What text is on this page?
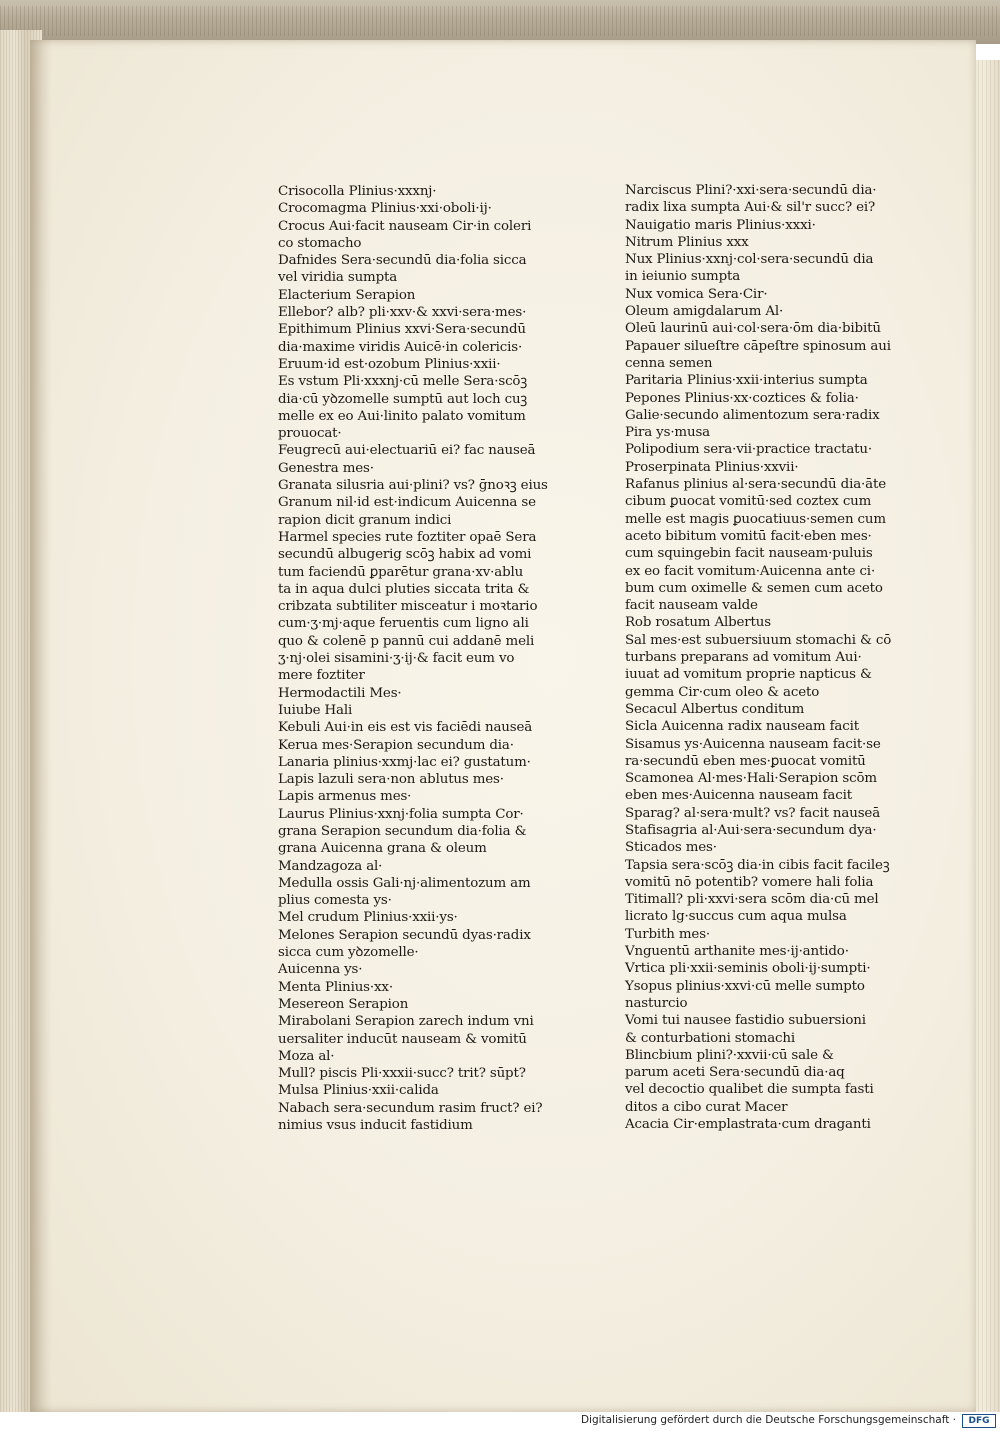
Crisocolla Plinius·xxxnj·
Crocomagma Plinius·xxi·oboli·ij·
Crocus Aui·facit nauseam Cir·in coleri
co stomacho
Dafnides Sera·secundū dia·folia sicca
vel viridia sumpta
Elacterium Serapion
Ellebor? alb? pli·xxv·& xxvi·sera·mes·
Epithimum Plinius xxvi·Sera·secundū
dia·maxime viridis Auicē·in colericis·
Eruum·id est·ozobum Plinius·xxii·
Es vstum Pli·xxxnj·cū melle Sera·scōꝫ
dia·cū yꝺzomelle sumptū aut loch cuꝫ
melle ex eo Aui·linito palato vomitum
prouocat·
Feugrecū aui·electuariū ei? fac nauseā
Genestra mes·
Granata silusria aui·plini? vs? ḡnoꝛꝫ eius
Granum nil·id est·indicum Auicenna se
rapion dicit granum indici
Harmel species rute foztiter opaē Sera
secundū albugerig scōꝫ habix ad vomi
tum faciendū ꝑparētur grana·xv·ablu
ta in aqua dulci pluties siccata trita &
cribzata subtiliter misceatur i moꝛtario
cum·ʒ·mj·aque feruentis cum ligno ali
quo & colenē p pannū cui addanē meli
ʒ·nj·olei sisamini·ʒ·ij·& facit eum vo
mere foztiter
Hermodactili Mes·
Iuiube Hali
Kebuli Aui·in eis est vis faciēdi nauseā
Kerua mes·Serapion secundum dia·
Lanaria plinius·xxmj·lac ei? gustatum·
Lapis lazuli sera·non ablutus mes·
Lapis armenus mes·
Laurus Plinius·xxnj·folia sumpta Cor·
grana Serapion secundum dia·folia &
grana Auicenna grana & oleum
Mandzagoza al·
Medulla ossis Gali·nj·alimentozum am
plius comesta ys·
Mel crudum Plinius·xxii·ys·
Melones Serapion secundū dyas·radix
sicca cum yꝺzomelle·
Auicenna ys·
Menta Plinius·xx·
Mesereon Serapion
Mirabolani Serapion zarech indum vni
uersaliter inducūt nauseam & vomitū
Moza al·
Mull? piscis Pli·xxxii·succ? trit? sūpt?
Mulsa Plinius·xxii·calida
Nabach sera·secundum rasim fruct? ei?
nimius vsus inducit fastidium
Narciscus Plini?·xxi·sera·secundū dia·
radix lixa sumpta Aui·& sil'r succ? ei?
Nauigatio maris Plinius·xxxi·
Nitrum Plinius xxx
Nux Plinius·xxnj·col·sera·secundū dia
in ieiunio sumpta
Nux vomica Sera·Cir·
Oleum amigdalarum Al·
Oleū laurinū aui·col·sera·ōm dia·bibitū
Papauer silueſtre cāpeſtre spinosum aui
cenna semen
Paritaria Plinius·xxii·interius sumpta
Pepones Plinius·xx·coztices & folia·
Galie·secundo alimentozum sera·radix
Pira ys·musa
Polipodium sera·vii·practice tractatu·
Proserpinata Plinius·xxvii·
Rafanus plinius al·sera·secundū dia·āte
cibum ꝑuocat vomitū·sed coztex cum
melle est magis ꝑuocatiuus·semen cum
aceto bibitum vomitū facit·eben mes·
cum squingebin facit nauseam·puluis
ex eo facit vomitum·Auicenna ante ci·
bum cum oximelle & semen cum aceto
facit nauseam valde
Rob rosatum Albertus
Sal mes·est subuersiuum stomachi & cō
turbans preparans ad vomitum Aui·
iuuat ad vomitum proprie napticus &
gemma Cir·cum oleo & aceto
Secacul Albertus conditum
Sicla Auicenna radix nauseam facit
Sisamus ys·Auicenna nauseam facit·se
ra·secundū eben mes·ꝑuocat vomitū
Scamonea Al·mes·Hali·Serapion scōm
eben mes·Auicenna nauseam facit
Sparag? al·sera·mult? vs? facit nauseā
Stafisagria al·Aui·sera·secundum dya·
Sticados mes·
Tapsia sera·scōꝫ dia·in cibis facit facileꝫ
vomitū nō potentib? vomere hali folia
Titimall? pli·xxvi·sera scōm dia·cū mel
licrato lg·succus cum aqua mulsa
Turbith mes·
Vnguentū arthanite mes·ij·antido·
Vrtica pli·xxii·seminis oboli·ij·sumpti·
Ysopus plinius·xxvi·cū melle sumpto
nasturcio
Vomi tui nausee fastidio subuersioni
& conturbationi stomachi
Blincbium plini?·xxvii·cū sale &
parum aceti Sera·secundū dia·aq
vel decoctio qualibet die sumpta fasti
ditos a cibo curat Macer
Acacia Cir·emplastrata·cum draganti
Digitalisierung gefördert durch die Deutsche Forschungsgemeinschaft ·	DFG
